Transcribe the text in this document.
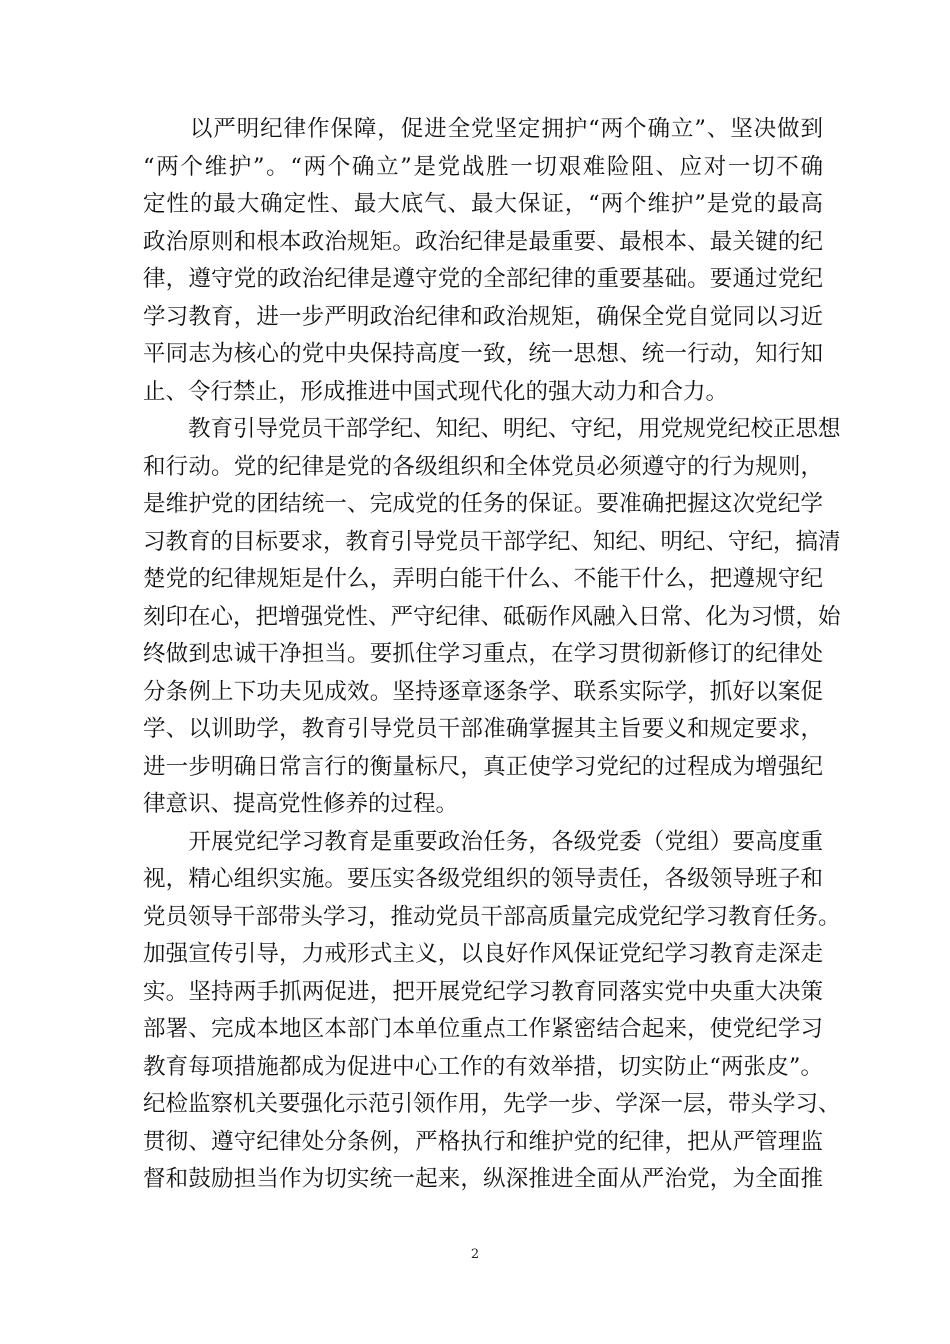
　　以严明纪律作保障，促进全党坚定拥护“两个确立”、坚决做到
“两个维护”。“两个确立”是党战胜一切艰难险阻、应对一切不确
定性的最大确定性、最大底气、最大保证，“两个维护”是党的最高
政治原则和根本政治规矩。政治纪律是最重要、最根本、最关键的纪
律，遵守党的政治纪律是遵守党的全部纪律的重要基础。要通过党纪
学习教育，进一步严明政治纪律和政治规矩，确保全党自觉同以习近
平同志为核心的党中央保持高度一致，统一思想、统一行动，知行知
止、令行禁止，形成推进中国式现代化的强大动力和合力。
　　教育引导党员干部学纪、知纪、明纪、守纪，用党规党纪校正思想
和行动。党的纪律是党的各级组织和全体党员必须遵守的行为规则，
是维护党的团结统一、完成党的任务的保证。要准确把握这次党纪学
习教育的目标要求，教育引导党员干部学纪、知纪、明纪、守纪，搞清
楚党的纪律规矩是什么，弄明白能干什么、不能干什么，把遵规守纪
刻印在心，把增强党性、严守纪律、砥砺作风融入日常、化为习惯，始
终做到忠诚干净担当。要抓住学习重点，在学习贯彻新修订的纪律处
分条例上下功夫见成效。坚持逐章逐条学、联系实际学，抓好以案促
学、以训助学，教育引导党员干部准确掌握其主旨要义和规定要求，
进一步明确日常言行的衡量标尺，真正使学习党纪的过程成为增强纪
律意识、提高党性修养的过程。
　　开展党纪学习教育是重要政治任务，各级党委（党组）要高度重
视，精心组织实施。要压实各级党组织的领导责任，各级领导班子和
党员领导干部带头学习，推动党员干部高质量完成党纪学习教育任务。
加强宣传引导，力戒形式主义，以良好作风保证党纪学习教育走深走
实。坚持两手抓两促进，把开展党纪学习教育同落实党中央重大决策
部署、完成本地区本部门本单位重点工作紧密结合起来，使党纪学习
教育每项措施都成为促进中心工作的有效举措，切实防止“两张皮”。
纪检监察机关要强化示范引领作用，先学一步、学深一层，带头学习、
贯彻、遵守纪律处分条例，严格执行和维护党的纪律，把从严管理监
督和鼓励担当作为切实统一起来，纵深推进全面从严治党，为全面推
2
